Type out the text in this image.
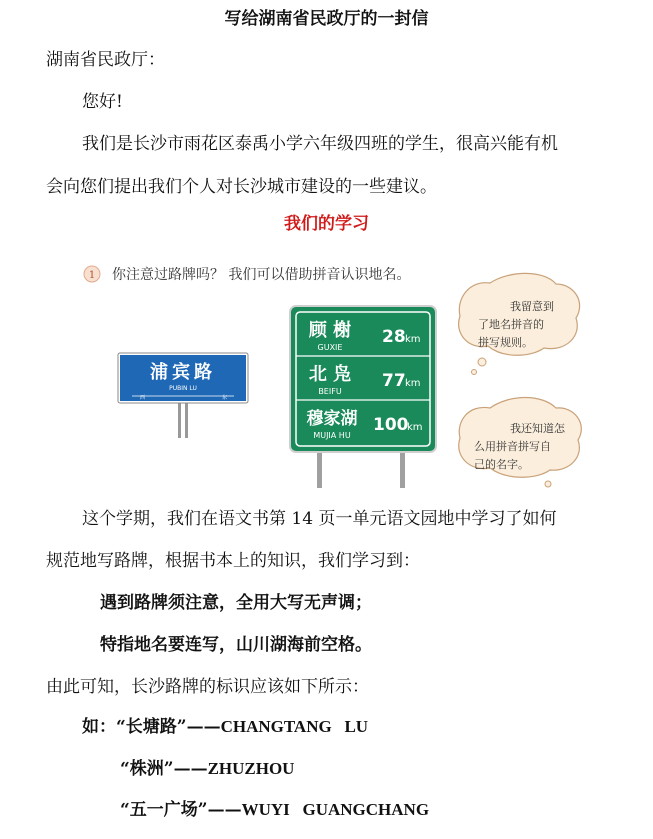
写给湖南省民政厅的一封信
湖南省民政厅：
您好!
我们是长沙市雨花区泰禹小学六年级四班的学生，很高兴能有机
会向您们提出我们个人对长沙城市建设的一些建议。
我们的学习
1 你注意过路牌吗？ 我们可以借助拼音认识地名。
浦宾路
PUBIN LU
西	东
顾 榭
GUXIE
28 km
北 凫
BEIFU
77 km
穆家湖
MUJIA HU
100
km
我留意到
了地名拼音的
拼写规则。
我还知道怎
么用拼音拼写自
己的名字。
这个学期，我们在语文书第 14 页一单元语文园地中学习了如何
规范地写路牌，根据书本上的知识，我们学习到：
遇到路牌须注意，全用大写无声调；
特指地名要连写，山川湖海前空格。
由此可知，长沙路牌的标识应该如下所示：
如：“长塘路”——CHANGTANG   LU
“株洲”——ZHUZHOU
“五一广场”——WUYI   GUANGCHANG
